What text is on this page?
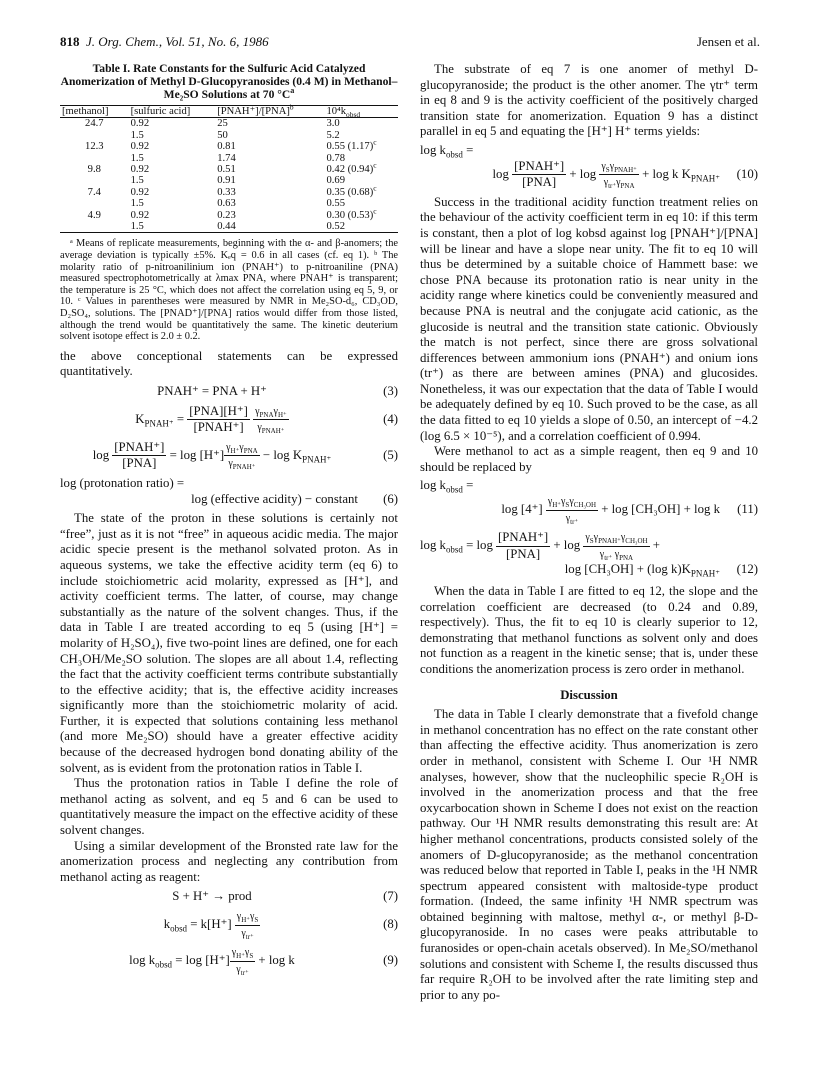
818 J. Org. Chem., Vol. 51, No. 6, 1986	Jensen et al.
Table I. Rate Constants for the Sulfuric Acid Catalyzed Anomerization of Methyl D-Glucopyranosides (0.4 M) in Methanol–Me₂SO Solutions at 70 $^\circ C^a$
[methanol]	[sulfuric acid]	[PNAH⁺]/[PNA]$^b$	$10^4k_{obsd}$
24.7	0.92	25	3.0
	1.5	50	5.2
12.3	0.92	0.81	0.55 $(1.17)^c$
	1.5	1.74	0.78
9.8	0.92	0.51	0.42 $(0.94)^c$
	1.5	0.91	0.69
7.4	0.92	0.33	0.35 $(0.68)^c$
	1.5	0.63	0.55
4.9	0.92	0.23	0.30 $(0.53)^c$
	1.5	0.44	0.52

ᵃ Means of replicate measurements, beginning with the α- and β-anomers; the average deviation is typically ±5%. Kₑq = 0.6 in all cases (cf. eq 1). ᵇ The molarity ratio of p-nitroanilinium ion (PNAH⁺) to p-nitroaniline (PNA) measured spectrophotometrically at λmax PNA, where PNAH⁺ is transparent; the temperature is 25 °C, which does not affect the correlation using eq 5, 9, or 10. ᶜ Values in parentheses were measured by NMR in Me₂SO-d₆, CD₃OD, D₂SO₄, solutions. The [PNAD⁺]/[PNA] ratios would differ from those listed, although the trend would be quantitatively the same. The kinetic deuterium solvent isotope effect is 2.0 ± 0.2.

the above conceptional statements can be expressed quantitatively.

PNAH⁺ = PNA + H⁺	(3)
$K_{PNAH^+} = \frac{\text{[PNA][H⁺]}}{\text{[PNAH⁺]}}$
$\frac{\gamma_{PNA}\gamma_{H^+}}{\gamma_{PNAH^+}}$	(4)
$\log \frac{\text{[PNAH⁺]}}{\text{[PNA]}} = \log [H^+] \frac{\gamma_{H^+}\gamma_{PNA}}{\gamma_{PNAH^+}} - \log K_{PNAH^+}$	(5)
log (protonation ratio) =
log (effective acidity) − constant	(6)

The state of the proton in these solutions is certainly not “free”, just as it is not “free” in aqueous acidic media. The major acidic specie present is the methanol solvated proton. As in aqueous systems, we take the effective acidity term (eq 6) to include stoichiometric acid molarity, expressed as [H⁺], and activity coefficient terms. The latter, of course, may change substantially as the nature of the solvent changes. Thus, if the data in Table I are treated according to eq 5 (using [H⁺] = molarity of H₂SO₄), five two-point lines are defined, one for each CH₃OH/Me₂SO solution. The slopes are all about 1.4, reflecting the fact that the activity coefficient terms contribute substantially to the effective acidity; that is, the effective acidity increases significantly more than the stoichiometric molarity of acid. Further, it is expected that solutions containing less methanol (and more Me₂SO) should have a greater effective acidity because of the decreased hydrogen bond donating ability of the solvent, as is evident from the protonation ratios in Table I.

Thus the protonation ratios in Table I define the role of methanol acting as solvent, and eq 5 and 6 can be used to quantitatively measure the impact on the effective acidity of these solvent changes.

Using a similar development of the Bronsted rate law for the anomerization process and neglecting any contribution from methanol acting as reagent:

S + H⁺ → prod	(7)
$k_{obsd} = k[H^+] \frac{\gamma_{H^+}\gamma_S}{\gamma_{tr^+}}$	(8)
$\log k_{obsd} = \log [H^+] \frac{\gamma_{H^+}\gamma_S}{\gamma_{tr^+}} + \log k$	(9)

The substrate of eq 7 is one anomer of methyl D-glucopyranoside; the product is the other anomer. The γtr⁺ term in eq 8 and 9 is the activity coefficient of the positively charged transition state for anomerization. Equation 9 has a distinct parallel in eq 5 and equating the [H⁺] H⁺ terms yields:

$\log k_{obsd}$ =
$\log \frac{\text{[PNAH⁺]}}{\text{[PNA]}} + \log \frac{\gamma_S\gamma_{PNAH^+}}{\gamma_{tr^+}\gamma_{PNA}} + \log k$ $K_{PNAH^+}$	(10)

Success in the traditional acidity function treatment relies on the behaviour of the activity coefficient term in eq 10: if this term is constant, then a plot of log kobsd against log [PNAH⁺]/[PNA] will be linear and have a slope near unity. The fit to eq 10 will thus be determined by a suitable choice of Hammett base: we chose PNA because its protonation ratio is near unity in the acidity range where kinetics could be conveniently measured and because PNA is neutral and the conjugate acid cationic, as the glucoside is neutral and the transition state cationic. Obviously the match is not perfect, since there are gross solvational differences between ammonium ions (PNAH⁺) and onium ions (tr⁺) as there are between amines (PNA) and glucosides. Nonetheless, it was our expectation that the data of Table I would be adequately defined by eq 10. Such proved to be the case, as all the data fitted to eq 10 yields a slope of 0.50, an intercept of −4.2 (log 6.5 × 10⁻⁵), and a correlation coefficient of 0.994.

Were methanol to act as a simple reagent, then eq 9 and 10 should be replaced by

$\log k_{obsd}$ =
$\log [4^+] \frac{\gamma_{H^+}\gamma_S\gamma_{CH_3OH}}{\gamma_{tr^+}} + \log [CH_3OH] + \log k$	(11)
$\log k_{obsd} = \log \frac{\text{[PNAH⁺]}}{\text{[PNA]}} + \log \frac{\gamma_S\gamma_{PNAH^+}\gamma_{CH_3OH}}{\gamma_{tr^+} \gamma_{PNA}}$ +
log [CH₃OH] + (log $k)K_{PNAH^+}$	(12)

When the data in Table I are fitted to eq 12, the slope and the correlation coefficient are decreased (to 0.24 and 0.89, respectively). Thus, the fit to eq 10 is clearly superior to 12, demonstrating that methanol functions as solvent only and does not function as a reagent in the kinetic sense; that is, under these conditions the anomerization process is zero order in methanol.

Discussion

The data in Table I clearly demonstrate that a fivefold change in methanol concentration has no effect on the rate constant other than affecting the effective acidity. Thus anomerization is zero order in methanol, consistent with Scheme I. Our ¹H NMR analyses, however, show that the nucleophilic specie R₂OH is involved in the anomerization process and that the free oxycarbocation shown in Scheme I does not exist on the reaction pathway. Our ¹H NMR results demonstrating this result are: At higher methanol concentrations, products consisted solely of the anomers of D-glucopyranoside; as the methanol concentration was reduced below that reported in Table I, peaks in the ¹H NMR spectrum appeared consistent with maltoside-type product formation. (Indeed, the same infinity ¹H NMR spectrum was obtained beginning with maltose, methyl α-, or methyl β-D-glucopyranoside. In no cases were peaks attributable to furanosides or open-chain acetals observed). In Me₂SO/methanol solutions and consistent with Scheme I, the results discussed thus far require R₂OH to be involved after the rate limiting step and prior to any po-
